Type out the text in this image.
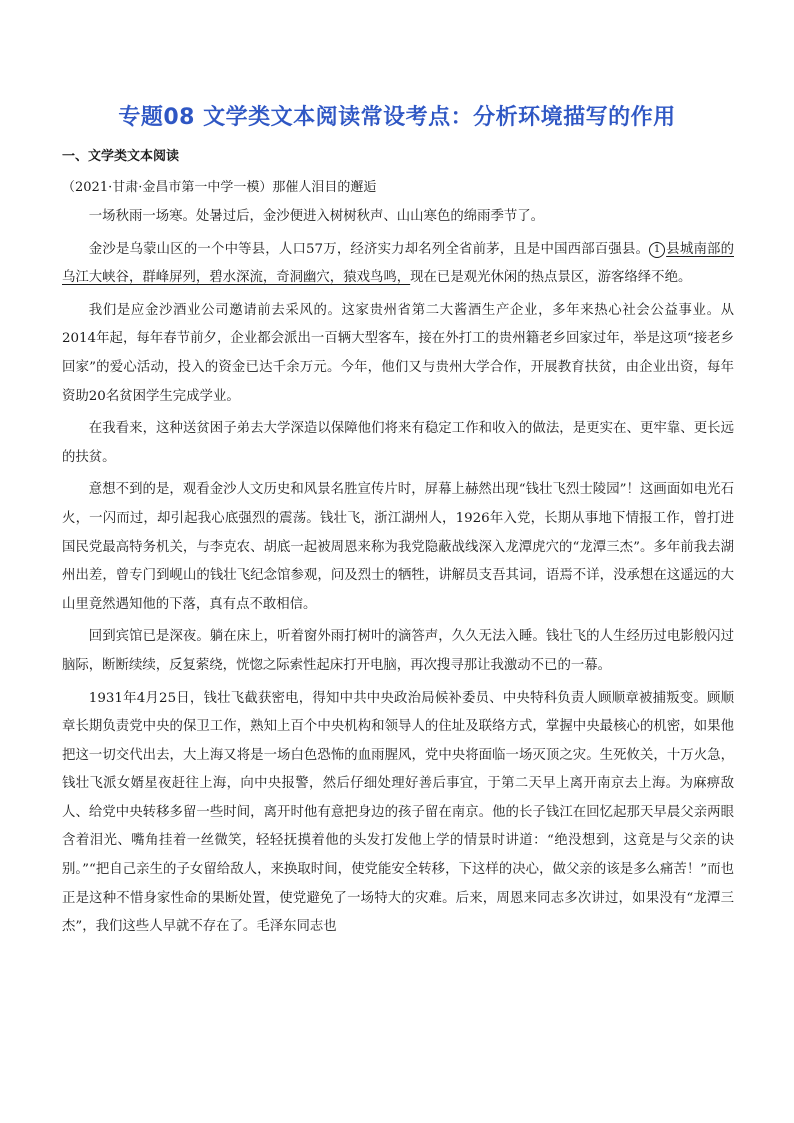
专题08 文学类文本阅读常设考点：分析环境描写的作用
一、文学类文本阅读

（2021·甘肃·金昌市第一中学一模）那催人泪目的邂逅

一场秋雨一场寒。处暑过后，金沙便进入树树秋声、山山寒色的绵雨季节了。

金沙是乌蒙山区的一个中等县，人口57万，经济实力却名列全省前茅，且是中国西部百强县。 1 县城南部的乌江大峡谷，群峰屏列，碧水深流，奇洞幽穴，猿戏鸟鸣，现在已是观光休闲的热点景区，游客络绎不绝。

我们是应金沙酒业公司邀请前去采风的。这家贵州省第二大酱酒生产企业，多年来热心社会公益事业。从2014年起，每年春节前夕，企业都会派出一百辆大型客车，接在外打工的贵州籍老乡回家过年，举是这项“接老乡回家”的爱心活动，投入的资金已达千余万元。今年，他们又与贵州大学合作，开展教育扶贫，由企业出资，每年资助20名贫困学生完成学业。

在我看来，这种送贫困子弟去大学深造以保障他们将来有稳定工作和收入的做法，是更实在、更牢靠、更长远的扶贫。

意想不到的是，观看金沙人文历史和风景名胜宣传片时，屏幕上赫然出现“钱壮飞烈士陵园”！这画面如电光石火，一闪而过，却引起我心底强烈的震荡。钱壮飞，浙江湖州人，1926年入党，长期从事地下情报工作，曾打进国民党最高特务机关，与李克农、胡底一起被周恩来称为我党隐蔽战线深入龙潭虎穴的“龙潭三杰”。多年前我去湖州出差，曾专门到岘山的钱壮飞纪念馆参观，问及烈士的牺牲，讲解员支吾其词，语焉不详，没承想在这遥远的大山里竟然遇知他的下落，真有点不敢相信。

回到宾馆已是深夜。躺在床上，听着窗外雨打树叶的滴答声，久久无法入睡。钱壮飞的人生经历过电影般闪过脑际，断断续续，反复萦绕，恍惚之际索性起床打开电脑，再次搜寻那让我激动不已的一幕。

1931年4月25日，钱壮飞截获密电，得知中共中央政治局候补委员、中央特科负责人顾顺章被捕叛变。顾顺章长期负责党中央的保卫工作，熟知上百个中央机构和领导人的住址及联络方式，掌握中央最核心的机密，如果他把这一切交代出去，大上海又将是一场白色恐怖的血雨腥风，党中央将面临一场灭顶之灾。生死攸关，十万火急，钱壮飞派女婿星夜赶往上海，向中央报警，然后仔细处理好善后事宜，于第二天早上离开南京去上海。为麻痹敌人、给党中央转移多留一些时间，离开时他有意把身边的孩子留在南京。他的长子钱江在回忆起那天早晨父亲两眼含着泪光、嘴角挂着一丝微笑，轻轻抚摸着他的头发打发他上学的情景时讲道：“绝没想到，这竟是与父亲的诀别。”“把自己亲生的子女留给敌人，来换取时间，使党能安全转移，下这样的决心，做父亲的该是多么痛苦！”而也正是这种不惜身家性命的果断处置，使党避免了一场特大的灾难。后来，周恩来同志多次讲过，如果没有“龙潭三杰”，我们这些人早就不存在了。毛泽东同志也
